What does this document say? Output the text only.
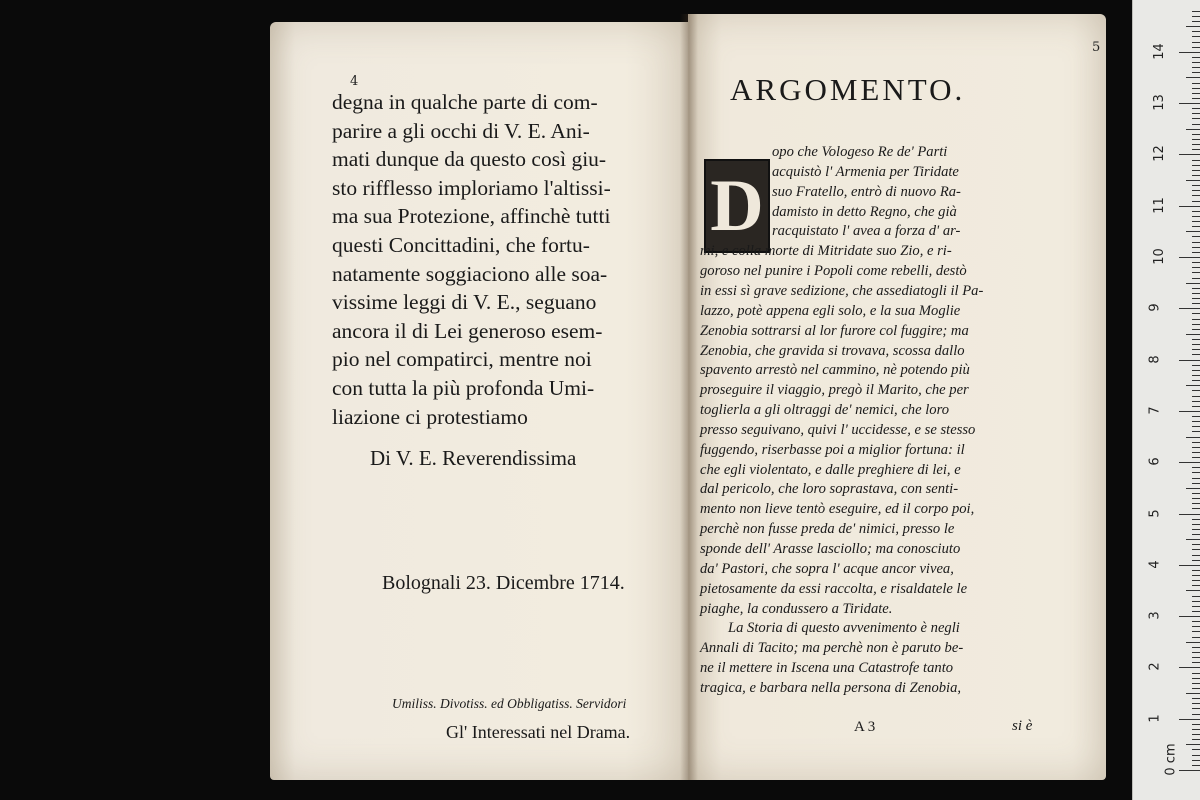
4
degna in qualche parte di com-
parire a gli occhi di V. E. Ani-
mati dunque da questo così giu-
sto rifflesso imploriamo l'altissi-
ma sua Protezione, affinchè tutti
questi Concittadini, che fortu-
natamente soggiaciono alle soa-
vissime leggi di V. E., seguano
ancora il di Lei generoso esem-
pio nel compatirci, mentre noi
con tutta la più profonda Umi-
liazione ci protestiamo
Di V. E. Reverendissima
Bolognali 23. Dicembre 1714.
Umiliss. Divotiss. ed Obbligatiss. Servidori
Gl' Interessati nel Drama.
5
ARGOMENTO.
D
opo che Vologeso Re de' Parti
acquistò l' Armenia per Tiridate
suo Fratello, entrò di nuovo Ra-
damisto in detto Regno, che già
racquistato l' avea a forza d' ar-
mi, e colla morte di Mitridate suo Zio, e ri-
goroso nel punire i Popoli come rebelli, destò
in essi sì grave sedizione, che assediatogli il Pa-
lazzo, potè appena egli solo, e la sua Moglie
Zenobia sottrarsi al lor furore col fuggire; ma
Zenobia, che gravida si trovava, scossa dallo
spavento arrestò nel cammino, nè potendo più
proseguire il viaggio, pregò il Marito, che per
toglierla a gli oltraggi de' nemici, che loro
presso seguivano, quivi l' uccidesse, e se stesso
fuggendo, riserbasse poi a miglior fortuna: il
che egli violentato, e dalle preghiere di lei, e
dal pericolo, che loro soprastava, con senti-
mento non lieve tentò eseguire, ed il corpo poi,
perchè non fusse preda de' nimici, presso le
sponde dell' Arasse lasciollo; ma conosciuto
da' Pastori, che sopra l' acque ancor vivea,
pietosamente da essi raccolta, e risaldatele le
piaghe, la condussero a Tiridate.
La Storia di questo avvenimento è negli
Annali di Tacito; ma perchè non è paruto be-
ne il mettere in Iscena una Catastrofe tanto
tragica, e barbara nella persona di Zenobia,
A 3	si è
0 cm
1
2
3
4
5
6
7
8
9
10
11
12
13
14
